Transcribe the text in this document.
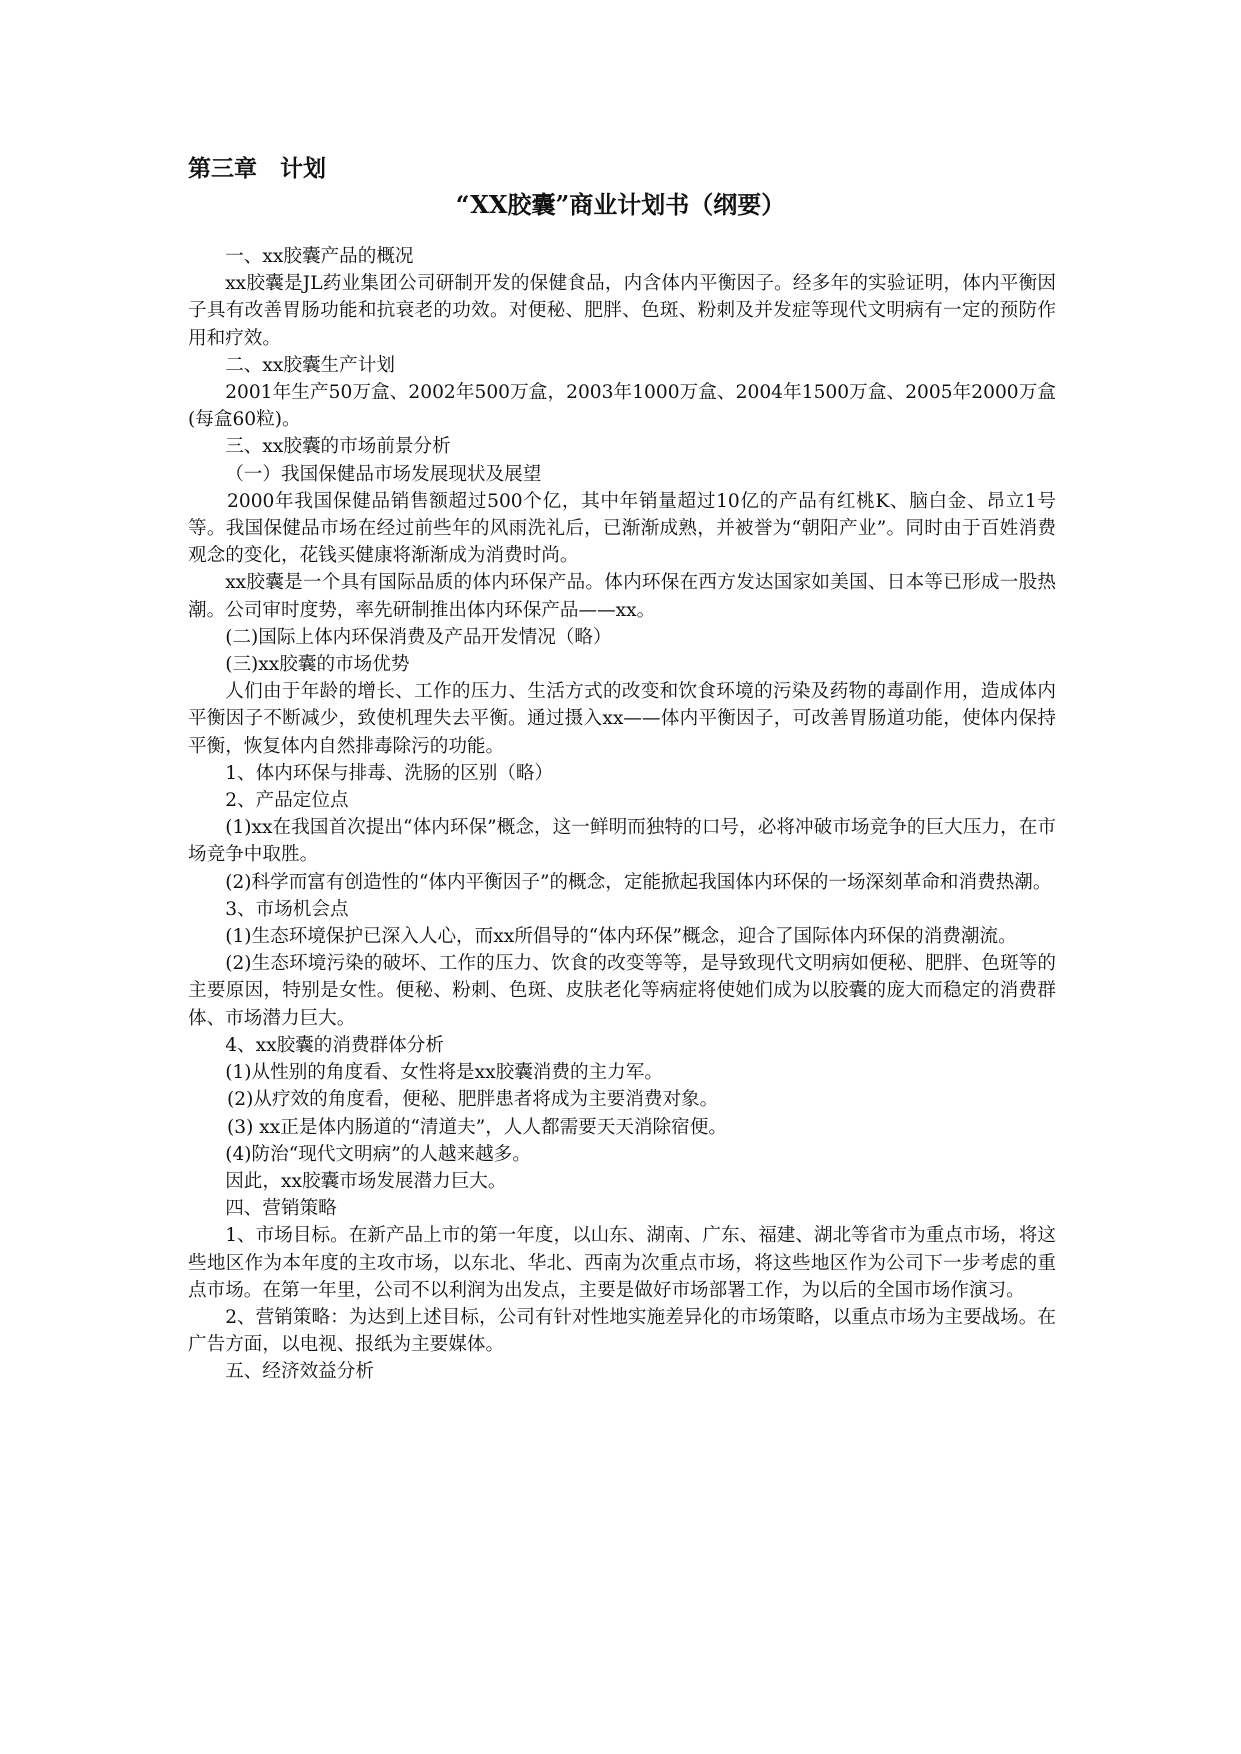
第三章　计划
“XX胶囊”商业计划书（纲要）

一、xx胶囊产品的概况

xx胶囊是JL药业集团公司研制开发的保健食品，内含体内平衡因子。经多年的实验证明，体内平衡因子具有改善胃肠功能和抗衰老的功效。对便秘、肥胖、色斑、粉刺及并发症等现代文明病有一定的预防作用和疗效。

二、xx胶囊生产计划

2001年生产50万盒、2002年500万盒，2003年1000万盒、2004年1500万盒、2005年2000万盒(每盒60粒)。

三、xx胶囊的市场前景分析

（一）我国保健品市场发展现状及展望

2000年我国保健品销售额超过500个亿，其中年销量超过10亿的产品有红桃K、脑白金、昂立1号等。我国保健品市场在经过前些年的风雨洗礼后，已渐渐成熟，并被誉为“朝阳产业”。同时由于百姓消费观念的变化，花钱买健康将渐渐成为消费时尚。

xx胶囊是一个具有国际品质的体内环保产品。体内环保在西方发达国家如美国、日本等已形成一股热潮。公司审时度势，率先研制推出体内环保产品——xx。

(二)国际上体内环保消费及产品开发情况（略）

(三)xx胶囊的市场优势

人们由于年龄的增长、工作的压力、生活方式的改变和饮食环境的污染及药物的毒副作用，造成体内平衡因子不断减少，致使机理失去平衡。通过摄入xx——体内平衡因子，可改善胃肠道功能，使体内保持平衡，恢复体内自然排毒除污的功能。

1、体内环保与排毒、洗肠的区别（略）

2、产品定位点

(1)xx在我国首次提出“体内环保”概念，这一鲜明而独特的口号，必将冲破市场竞争的巨大压力，在市场竞争中取胜。

(2)科学而富有创造性的“体内平衡因子”的概念，定能掀起我国体内环保的一场深刻革命和消费热潮。

3、市场机会点

(1)生态环境保护已深入人心，而xx所倡导的“体内环保”概念，迎合了国际体内环保的消费潮流。

(2)生态环境污染的破坏、工作的压力、饮食的改变等等，是导致现代文明病如便秘、肥胖、色斑等的主要原因，特别是女性。便秘、粉刺、色斑、皮肤老化等病症将使她们成为以胶囊的庞大而稳定的消费群体、市场潜力巨大。

4、xx胶囊的消费群体分析

(1)从性别的角度看、女性将是xx胶囊消费的主力军。

(2)从疗效的角度看，便秘、肥胖患者将成为主要消费对象。

(3) xx正是体内肠道的“清道夫”，人人都需要天天消除宿便。

(4)防治“现代文明病”的人越来越多。

因此，xx胶囊市场发展潜力巨大。

四、营销策略

1、市场目标。在新产品上市的第一年度，以山东、湖南、广东、福建、湖北等省市为重点市场，将这些地区作为本年度的主攻市场，以东北、华北、西南为次重点市场，将这些地区作为公司下一步考虑的重点市场。在第一年里，公司不以利润为出发点，主要是做好市场部署工作，为以后的全国市场作演习。

2、营销策略：为达到上述目标，公司有针对性地实施差异化的市场策略，以重点市场为主要战场。在广告方面，以电视、报纸为主要媒体。

五、经济效益分析
